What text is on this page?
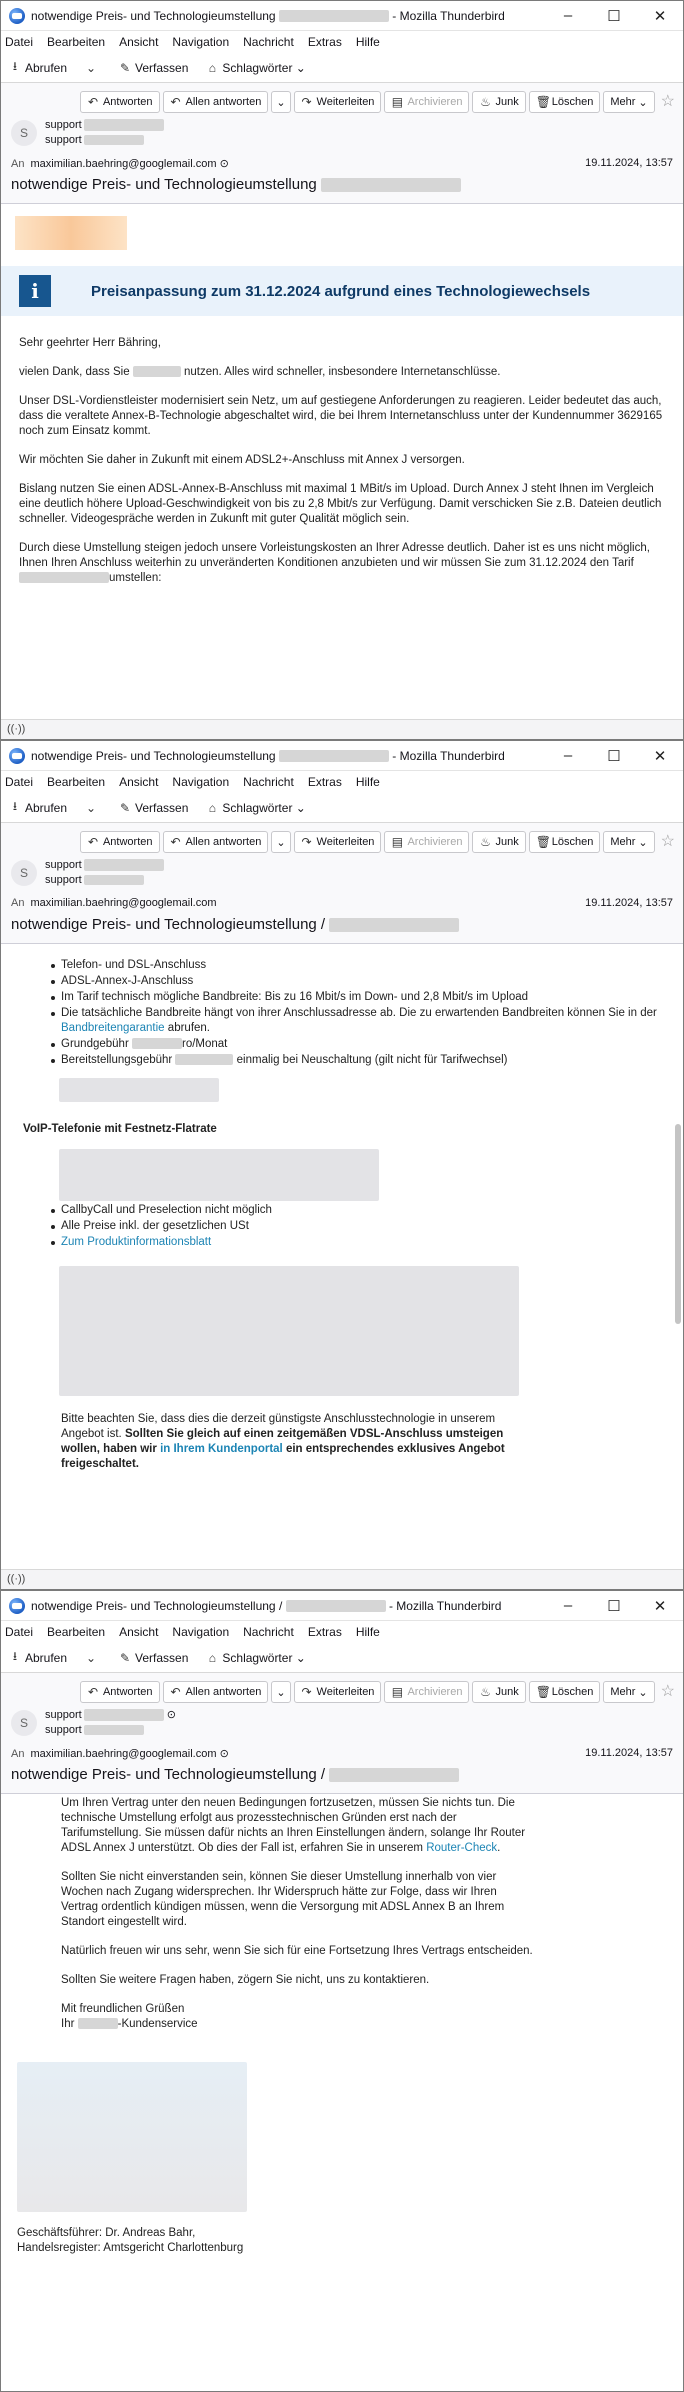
notwendige Preis- und Technologieumstellung	- Mozilla Thunderbird	–	☐	✕
Datei Bearbeiten Ansicht Navigation Nachricht Extras Hilfe
⭳ Abrufen ⌄ ✎ Verfassen ⌂ Schlagwörter ⌄
↶ Antworten ↶ Allen antworten ⌄ ↷ Weiterleiten ▤ Archivieren ♨ Junk 🗑 Löschen Mehr ⌄ ☆
S
support
support
An maximilian.baehring@googlemail.com ⊙	19.11.2024, 13:57
notwendige Preis- und Technologieumstellung
i	Preisanpassung zum 31.12.2024 aufgrund eines Technologiewechsels

Sehr geehrter Herr Bähring,

vielen Dank, dass Sie	nutzen. Alles wird schneller, insbesondere Internetanschlüsse.

Unser DSL-Vordienstleister modernisiert sein Netz, um auf gestiegene Anforderungen zu reagieren. Leider bedeutet das auch, dass die veraltete Annex-B-Technologie abgeschaltet wird, die bei Ihrem Internetanschluss unter der Kundennummer 3629165 noch zum Einsatz kommt.

Wir möchten Sie daher in Zukunft mit einem ADSL2+-Anschluss mit Annex J versorgen.

Bislang nutzen Sie einen ADSL-Annex-B-Anschluss mit maximal 1 MBit/s im Upload. Durch Annex J steht Ihnen im Vergleich eine deutlich höhere Upload-Geschwindigkeit von bis zu 2,8 Mbit/s zur Verfügung. Damit verschicken Sie z.B. Dateien deutlich schneller. Videogespräche werden in Zukunft mit guter Qualität möglich sein.

Durch diese Umstellung steigen jedoch unsere Vorleistungskosten an Ihrer Adresse deutlich. Daher ist es uns nicht möglich, Ihnen Ihren Anschluss weiterhin zu unveränderten Konditionen anzubieten und wir müssen Sie zum 31.12.2024 den Tarif umstellen:

((·))
notwendige Preis- und Technologieumstellung	- Mozilla Thunderbird	–	☐	✕
Datei Bearbeiten Ansicht Navigation Nachricht Extras Hilfe
⭳ Abrufen ⌄ ✎ Verfassen ⌂ Schlagwörter ⌄
↶ Antworten ↶ Allen antworten ⌄ ↷ Weiterleiten ▤ Archivieren ♨ Junk 🗑 Löschen Mehr ⌄ ☆
S
support
support
An maximilian.baehring@googlemail.com	19.11.2024, 13:57
notwendige Preis- und Technologieumstellung /
Telefon- und DSL-Anschluss
ADSL-Annex-J-Anschluss
Im Tarif technisch mögliche Bandbreite: Bis zu 16 Mbit/s im Down- und 2,8 Mbit/s im Upload
Die tatsächliche Bandbreite hängt von ihrer Anschlussadresse ab. Die zu erwartenden Bandbreiten können Sie in der Bandbreitengarantie abrufen.
Grundgebühr	ro/Monat
Bereitstellungsgebühr	einmalig bei Neuschaltung (gilt nicht für Tarifwechsel)
VoIP-Telefonie mit Festnetz-Flatrate
CallbyCall und Preselection nicht möglich
Alle Preise inkl. der gesetzlichen USt
Zum Produktinformationsblatt

Bitte beachten Sie, dass dies die derzeit günstigste Anschlusstechnologie in unserem Angebot ist. Sollten Sie gleich auf einen zeitgemäßen VDSL-Anschluss umsteigen wollen, haben wir in Ihrem Kundenportal ein entsprechendes exklusives Angebot freigeschaltet.

((·))
notwendige Preis- und Technologieumstellung /	- Mozilla Thunderbird	–	☐	✕
Datei Bearbeiten Ansicht Navigation Nachricht Extras Hilfe
⭳ Abrufen ⌄ ✎ Verfassen ⌂ Schlagwörter ⌄
↶ Antworten ↶ Allen antworten ⌄ ↷ Weiterleiten ▤ Archivieren ♨ Junk 🗑 Löschen Mehr ⌄ ☆
S
support	⊙
support
An maximilian.baehring@googlemail.com ⊙	19.11.2024, 13:57
notwendige Preis- und Technologieumstellung /

Um Ihren Vertrag unter den neuen Bedingungen fortzusetzen, müssen Sie nichts tun. Die technische Umstellung erfolgt aus prozesstechnischen Gründen erst nach der Tarifumstellung. Sie müssen dafür nichts an Ihren Einstellungen ändern, solange Ihr Router ADSL Annex J unterstützt. Ob dies der Fall ist, erfahren Sie in unserem Router-Check.

Sollten Sie nicht einverstanden sein, können Sie dieser Umstellung innerhalb von vier Wochen nach Zugang widersprechen. Ihr Widerspruch hätte zur Folge, dass wir Ihren Vertrag ordentlich kündigen müssen, wenn die Versorgung mit ADSL Annex B an Ihrem Standort eingestellt wird.

Natürlich freuen wir uns sehr, wenn Sie sich für eine Fortsetzung Ihres Vertrags entscheiden.

Sollten Sie weitere Fragen haben, zögern Sie nicht, uns zu kontaktieren.

Mit freundlichen Grüßen
Ihr	-Kundenservice
Geschäftsführer: Dr. Andreas Bahr,
Handelsregister: Amtsgericht Charlottenburg
